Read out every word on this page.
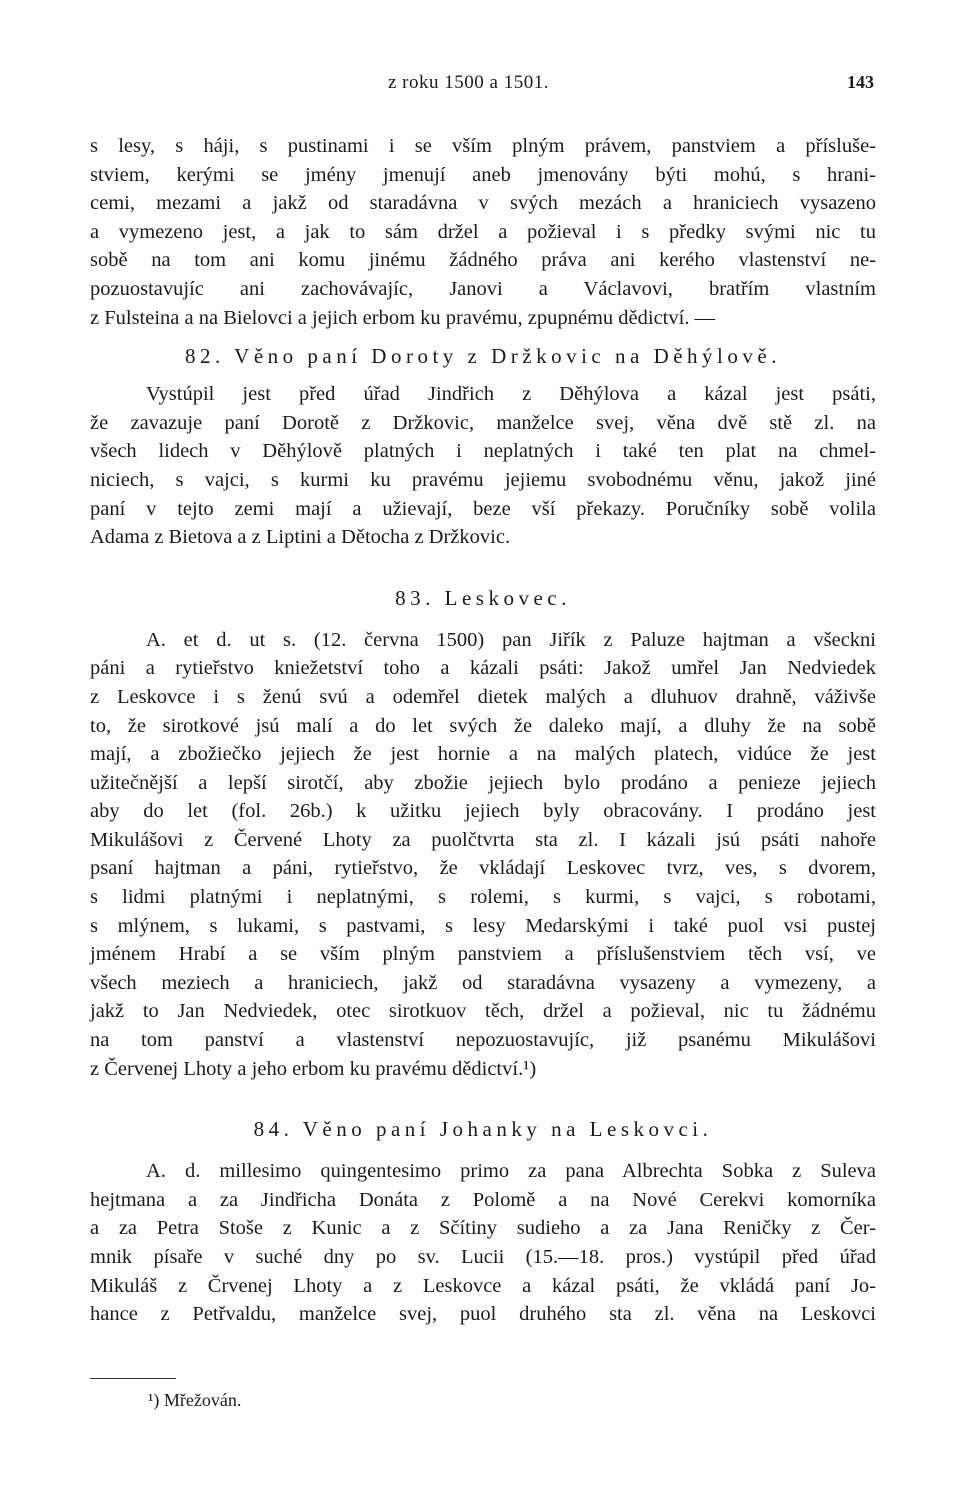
z roku 1500 a 1501.	143
s lesy, s háji, s pustinami i se vším plným právem, panstviem a přísluše-
stviem, kerými se jmény jmenují aneb jmenovány býti mohú, s hrani-
cemi, mezami a jakž od staradávna v svých mezách a hraniciech vysazeno
a vymezeno jest, a jak to sám držel a požieval i s předky svými nic tu
sobě na tom ani komu jinému žádného práva ani kerého vlastenství ne-
pozuostavujíc ani zachovávajíc, Janovi a Václavovi, bratřím vlastním
z Fulsteina a na Bielovci a jejich erbom ku pravému, zpupnému dědictví. —
82. Věno paní Doroty z Držkovic na Děhýlově.
Vystúpil jest před úřad Jindřich z Děhýlova a kázal jest psáti,
že zavazuje paní Dorotě z Držkovic, manželce svej, věna dvě stě zl. na
všech lidech v Děhýlově platných i neplatných i také ten plat na chmel-
niciech, s vajci, s kurmi ku pravému jejiemu svobodnému věnu, jakož jiné
paní v tejto zemi mají a užievají, beze vší překazy. Poručníky sobě volila
Adama z Bietova a z Liptini a Dětocha z Držkovic.
83. Leskovec.
A. et d. ut s. (12. června 1500) pan Jiřík z Paluze hajtman a všeckni
páni a rytieřstvo kniežetství toho a kázali psáti: Jakož umřel Jan Nedviedek
z Leskovce i s ženú svú a odemřel dietek malých a dluhuov drahně, váživše
to, že sirotkové jsú malí a do let svých že daleko mají, a dluhy že na sobě
mají, a zbožiečko jejiech že jest hornie a na malých platech, vidúce že jest
užitečnější a lepší sirotčí, aby zbožie jejiech bylo prodáno a penieze jejiech
aby do let (fol. 26b.) k užitku jejiech byly obracovány. I prodáno jest
Mikulášovi z Červené Lhoty za puolčtvrta sta zl. I kázali jsú psáti nahoře
psaní hajtman a páni, rytieřstvo, že vkládají Leskovec tvrz, ves, s dvorem,
s lidmi platnými i neplatnými, s rolemi, s kurmi, s vajci, s robotami,
s mlýnem, s lukami, s pastvami, s lesy Medarskými i také puol vsi pustej
jménem Hrabí a se vším plným panstviem a příslušenstviem těch vsí, ve
všech meziech a hraniciech, jakž od staradávna vysazeny a vymezeny, a
jakž to Jan Nedviedek, otec sirotkuov těch, držel a požieval, nic tu žádnému
na tom panství a vlastenství nepozuostavujíc, již psanému Mikulášovi
z Červenej Lhoty a jeho erbom ku pravému dědictví.¹)
84. Věno paní Johanky na Leskovci.
A. d. millesimo quingentesimo primo za pana Albrechta Sobka z Suleva
hejtmana a za Jindřicha Donáta z Polomě a na Nové Cerekvi komorníka
a za Petra Stoše z Kunic a z Sčítiny sudieho a za Jana Reničky z Čer-
mnik písaře v suché dny po sv. Lucii (15.—18. pros.) vystúpil před úřad
Mikuláš z Črvenej Lhoty a z Leskovce a kázal psáti, že vkládá paní Jo-
hance z Petřvaldu, manželce svej, puol druhého sta zl. věna na Leskovci
¹) Mřežován.
